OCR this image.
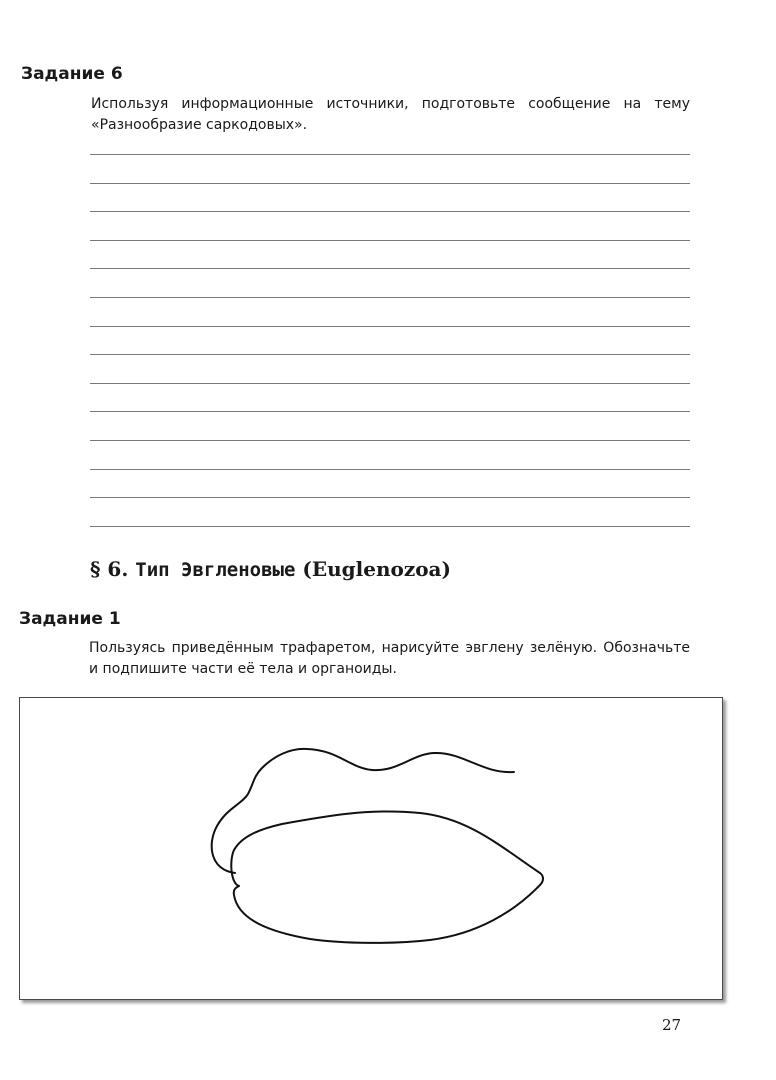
Задание 6

Используя информационные источники, подготовьте сообщение на тему «Разнообразие саркодовых».

§ 6. Тип Эвгленовые (Euglenozoa)
Задание 1

Пользуясь приведённым трафаретом, нарисуйте эвглену зелёную. Обозначьте и подпишите части её тела и органоиды.

27
